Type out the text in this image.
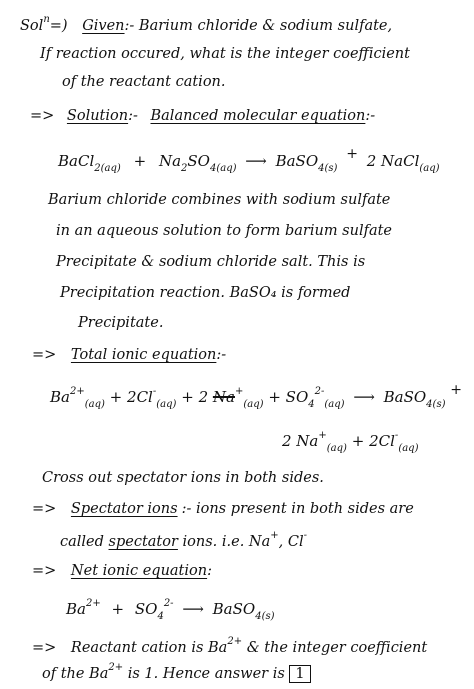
Sol$^n$=) Given:- Barium chloride & sodium sulfate,
If reaction occured, what is the integer coefficient
of the reactant cation.
=> Solution:- Balanced molecular equation:-
BaCl$_{2(aq)}$ + $Na_2SO_{4(aq)}$ ⟶ BaSO$_{4(s)}$ + 2 NaCl$_{(aq)}$
Barium chloride combines with sodium sulfate
in an aqueous solution to form barium sulfate
Precipitate & sodium chloride salt. This is
Precipitation reaction. BaSO₄ is formed
Precipitate.
=> Total ionic equation:-
$Ba^{2+}_{(aq)} + 2Cl^-_{(aq)} + 2$ $Na^+_{(aq)} + SO_4^{2-}_{(aq)}$ ⟶ BaSO$_{4(s)}$ +
2 $Na^+_{(aq)} + 2Cl^-_{(aq)}$
Cross out spectator ions in both sides.
=> Spectator ions :- ions present in both sides are
called spectator ions. i.e. Na+, Cl-
=> Net ionic equation:
$Ba^{2+} + SO_4^{2-}$ ⟶ BaSO$_{4(s)}$
=> Reactant cation is $Ba^{2+}$ & the integer coefficient
of the $Ba^{2+}$ is 1. Hence answer is 1
